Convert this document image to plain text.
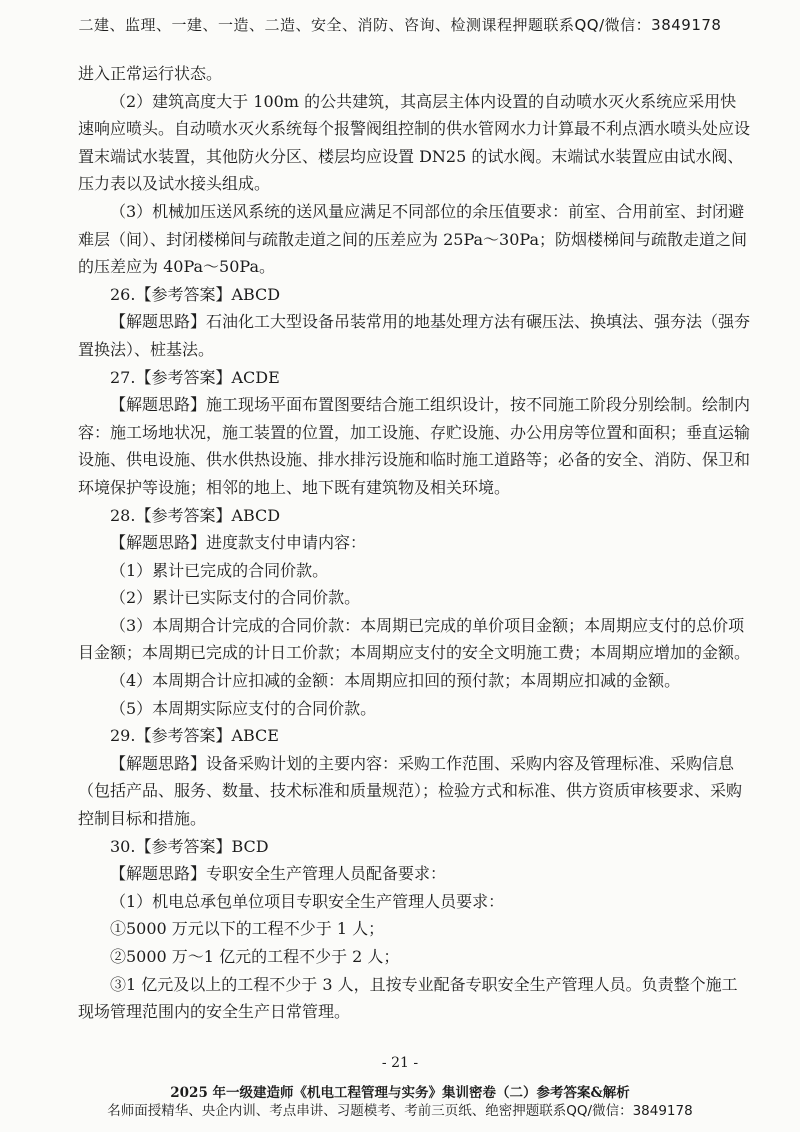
二建、监理、一建、一造、二造、安全、消防、咨询、检测课程押题联系QQ/微信：3849178

进入正常运行状态。

（2）建筑高度大于 100m 的公共建筑，其高层主体内设置的自动喷水灭火系统应采用快速响应喷头。自动喷水灭火系统每个报警阀组控制的供水管网水力计算最不利点洒水喷头处应设置末端试水装置，其他防火分区、楼层均应设置 DN25 的试水阀。末端试水装置应由试水阀、压力表以及试水接头组成。

（3）机械加压送风系统的送风量应满足不同部位的余压值要求：前室、合用前室、封闭避难层（间）、封闭楼梯间与疏散走道之间的压差应为 25Pa～30Pa；防烟楼梯间与疏散走道之间的压差应为 40Pa～50Pa。

26.【参考答案】ABCD

【解题思路】石油化工大型设备吊装常用的地基处理方法有碾压法、换填法、强夯法（强夯置换法）、桩基法。

27.【参考答案】ACDE

【解题思路】施工现场平面布置图要结合施工组织设计，按不同施工阶段分别绘制。绘制内容：施工场地状况，施工装置的位置，加工设施、存贮设施、办公用房等位置和面积；垂直运输设施、供电设施、供水供热设施、排水排污设施和临时施工道路等；必备的安全、消防、保卫和环境保护等设施；相邻的地上、地下既有建筑物及相关环境。

28.【参考答案】ABCD

【解题思路】进度款支付申请内容：

（1）累计已完成的合同价款。

（2）累计已实际支付的合同价款。

（3）本周期合计完成的合同价款：本周期已完成的单价项目金额；本周期应支付的总价项目金额；本周期已完成的计日工价款；本周期应支付的安全文明施工费；本周期应增加的金额。

（4）本周期合计应扣减的金额：本周期应扣回的预付款；本周期应扣减的金额。

（5）本周期实际应支付的合同价款。

29.【参考答案】ABCE

【解题思路】设备采购计划的主要内容：采购工作范围、采购内容及管理标准、采购信息（包括产品、服务、数量、技术标准和质量规范）；检验方式和标准、供方资质审核要求、采购控制目标和措施。

30.【参考答案】BCD

【解题思路】专职安全生产管理人员配备要求：

（1）机电总承包单位项目专职安全生产管理人员要求：

①5000 万元以下的工程不少于 1 人；

②5000 万～1 亿元的工程不少于 2 人；

③1 亿元及以上的工程不少于 3 人，且按专业配备专职安全生产管理人员。负责整个施工现场管理范围内的安全生产日常管理。

- 21 -
2025 年一级建造师《机电工程管理与实务》集训密卷（二）参考答案&解析
名师面授精华、央企内训、考点串讲、习题模考、考前三页纸、绝密押题联系QQ/微信：3849178
